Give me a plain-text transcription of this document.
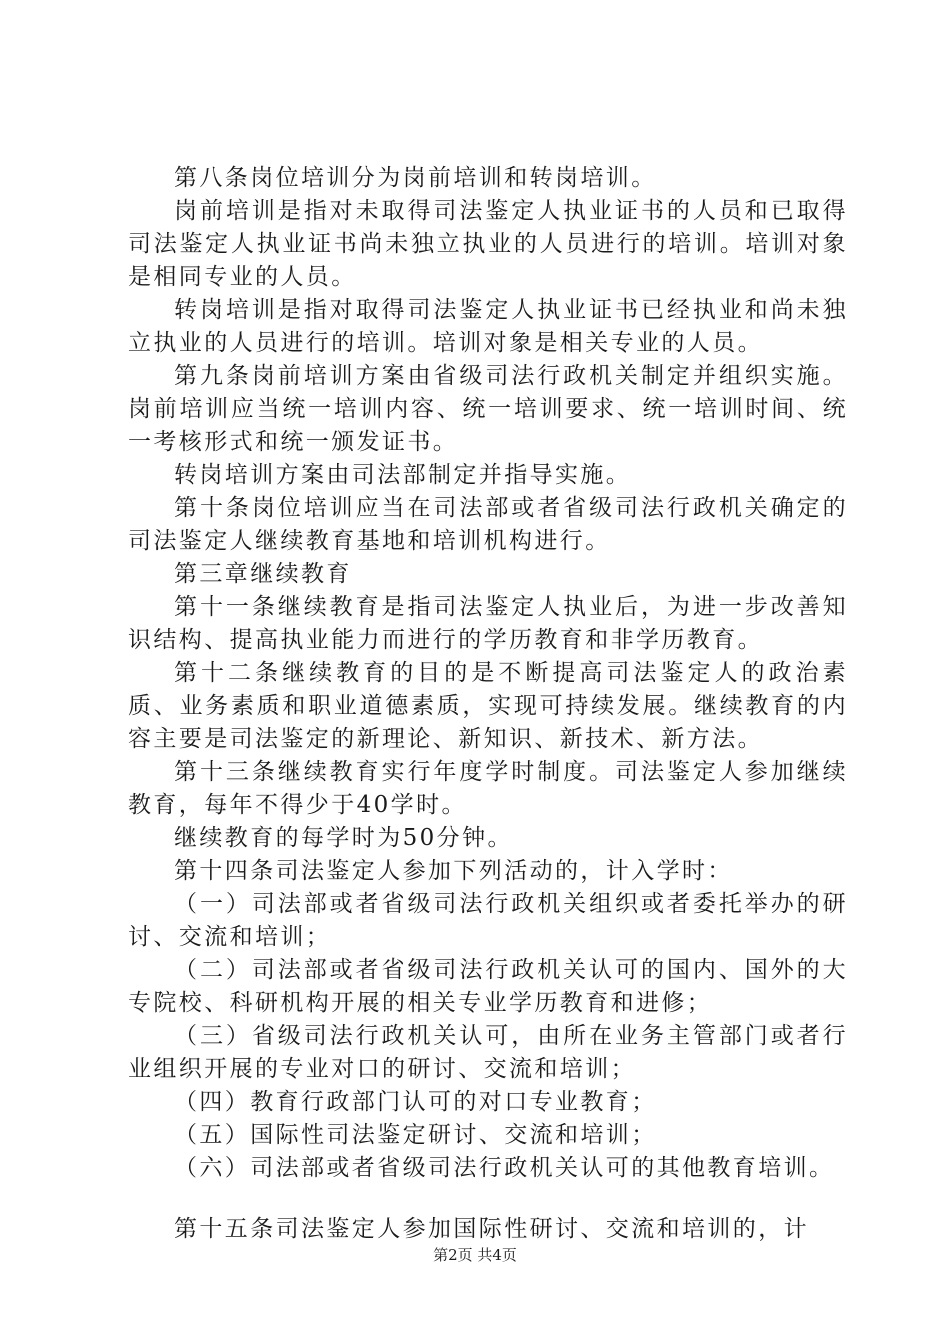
第八条岗位培训分为岗前培训和转岗培训。

岗前培训是指对未取得司法鉴定人执业证书的人员和已取得司法鉴定人执业证书尚未独立执业的人员进行的培训。培训对象是相同专业的人员。

转岗培训是指对取得司法鉴定人执业证书已经执业和尚未独立执业的人员进行的培训。培训对象是相关专业的人员。

第九条岗前培训方案由省级司法行政机关制定并组织实施。岗前培训应当统一培训内容、统一培训要求、统一培训时间、统一考核形式和统一颁发证书。

转岗培训方案由司法部制定并指导实施。

第十条岗位培训应当在司法部或者省级司法行政机关确定的司法鉴定人继续教育基地和培训机构进行。

第三章继续教育

第十一条继续教育是指司法鉴定人执业后，为进一步改善知识结构、提高执业能力而进行的学历教育和非学历教育。

第十二条继续教育的目的是不断提高司法鉴定人的政治素质、业务素质和职业道德素质，实现可持续发展。继续教育的内容主要是司法鉴定的新理论、新知识、新技术、新方法。

第十三条继续教育实行年度学时制度。司法鉴定人参加继续教育，每年不得少于40学时。

继续教育的每学时为50分钟。

第十四条司法鉴定人参加下列活动的，计入学时：

（一）司法部或者省级司法行政机关组织或者委托举办的研讨、交流和培训；

（二）司法部或者省级司法行政机关认可的国内、国外的大专院校、科研机构开展的相关专业学历教育和进修；

（三）省级司法行政机关认可，由所在业务主管部门或者行业组织开展的专业对口的研讨、交流和培训；

（四）教育行政部门认可的对口专业教育；

（五）国际性司法鉴定研讨、交流和培训；

（六）司法部或者省级司法行政机关认可的其他教育培训。

第十五条司法鉴定人参加国际性研讨、交流和培训的，计

第2页 共4页
